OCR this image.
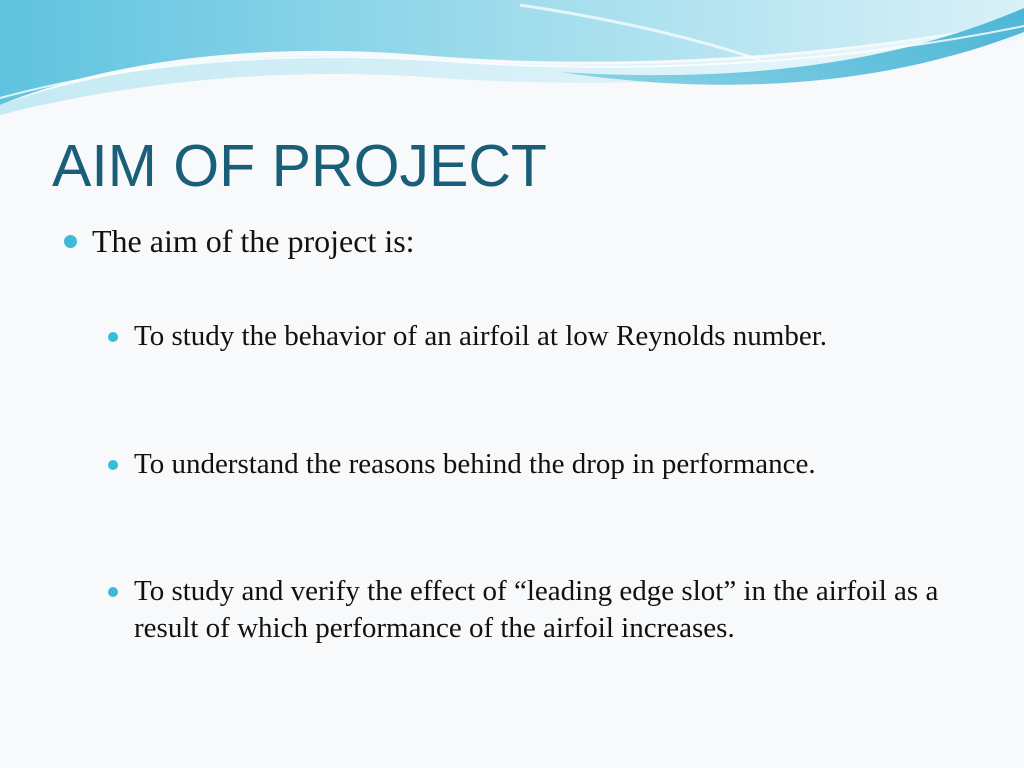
AIM OF PROJECT

The aim of the project is:

To study the behavior of an airfoil at low Reynolds number.
To understand the reasons behind the drop in performance.
To study and verify the effect of “leading edge slot” in the airfoil as a result of which performance of the airfoil increases.
